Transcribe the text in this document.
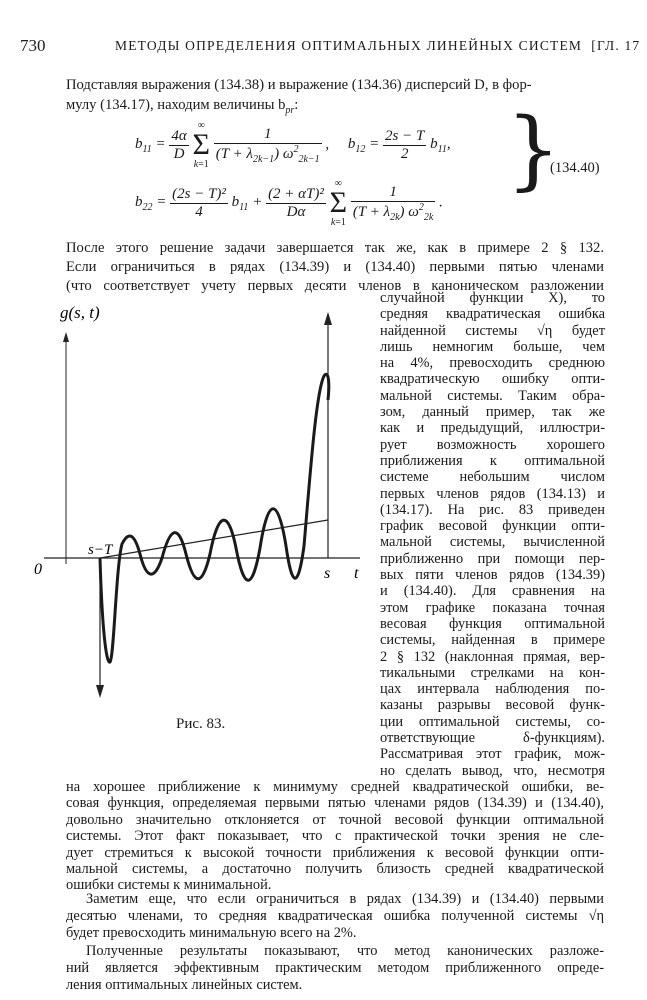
730	МЕТОДЫ ОПРЕДЕЛЕНИЯ ОПТИМАЛЬНЫХ ЛИНЕЙНЫХ СИСТЕМ [ГЛ. 17
Подставляя выражения (134.38) и выражение (134.36) дисперсий D, в фор-
мулу (134.17), находим величины $b_{pr}$:
$b_{11} = \frac{4\alpha}{D}$

∞
Σ
k=1
$\frac{1}{(T + \lambda_{2k-1}) \omega^2_{2k-1}}$ ,     $b_{12} = \frac{2s - T}{2} b_{11}$,
$b_{22} = \frac{\text{(2s − T)²}}{4} b_{11} + \frac{\text{(2 + αT)²}}{D\alpha}$

∞
Σ
k=1
$\frac{1}{(T + \lambda_{2k}) \omega^2_{2k}}$ .
}
(134.40)
После этого решение задачи завершается так же, как в примере 2 § 132.
Если ограничиться в рядах (134.39) и (134.40) первыми пятью членами
(что соответствует учету первых десяти членов в каноническом разложении
случайной функции X), то
средняя квадратическая ошибка
найденной системы √η будет
лишь немногим больше, чем
на 4%, превосходить среднюю
квадратическую ошибку опти-
мальной системы. Таким обра-
зом, данный пример, так же
как и предыдущий, иллюстри-
рует возможность хорошего
приближения к оптимальной
системе небольшим числом
первых членов рядов (134.13) и
(134.17). На рис. 83 приведен
график весовой функции опти-
мальной системы, вычисленной
приближенно при помощи пер-
вых пяти членов рядов (134.39)
и (134.40). Для сравнения на
этом графике показана точная
весовая функция оптимальной
системы, найденная в примере
2 § 132 (наклонная прямая, вер-
тикальными стрелками на кон-
цах интервала наблюдения по-
казаны разрывы весовой функ-
ции оптимальной системы, со-
ответствующие δ-функциям).
Рассматривая этот график, мож-
но сделать вывод, что, несмотря
g(s, t)
0
s−T
s t
Рис. 83.
на хорошее приближение к минимуму средней квадратической ошибки, ве-
совая функция, определяемая первыми пятью членами рядов (134.39) и (134.40),
довольно значительно отклоняется от точной весовой функции оптимальной
системы. Этот факт показывает, что с практической точки зрения не сле-
дует стремиться к высокой точности приближения к весовой функции опти-
мальной системы, а достаточно получить близость средней квадратической
ошибки системы к минимальной.
Заметим еще, что если ограничиться в рядах (134.39) и (134.40) первыми
десятью членами, то средняя квадратическая ошибка полученной системы √η
будет превосходить минимальную всего на 2%.
Полученные результаты показывают, что метод канонических разложе-
ний является эффективным практическим методом приближенного опреде-
ления оптимальных линейных систем.
